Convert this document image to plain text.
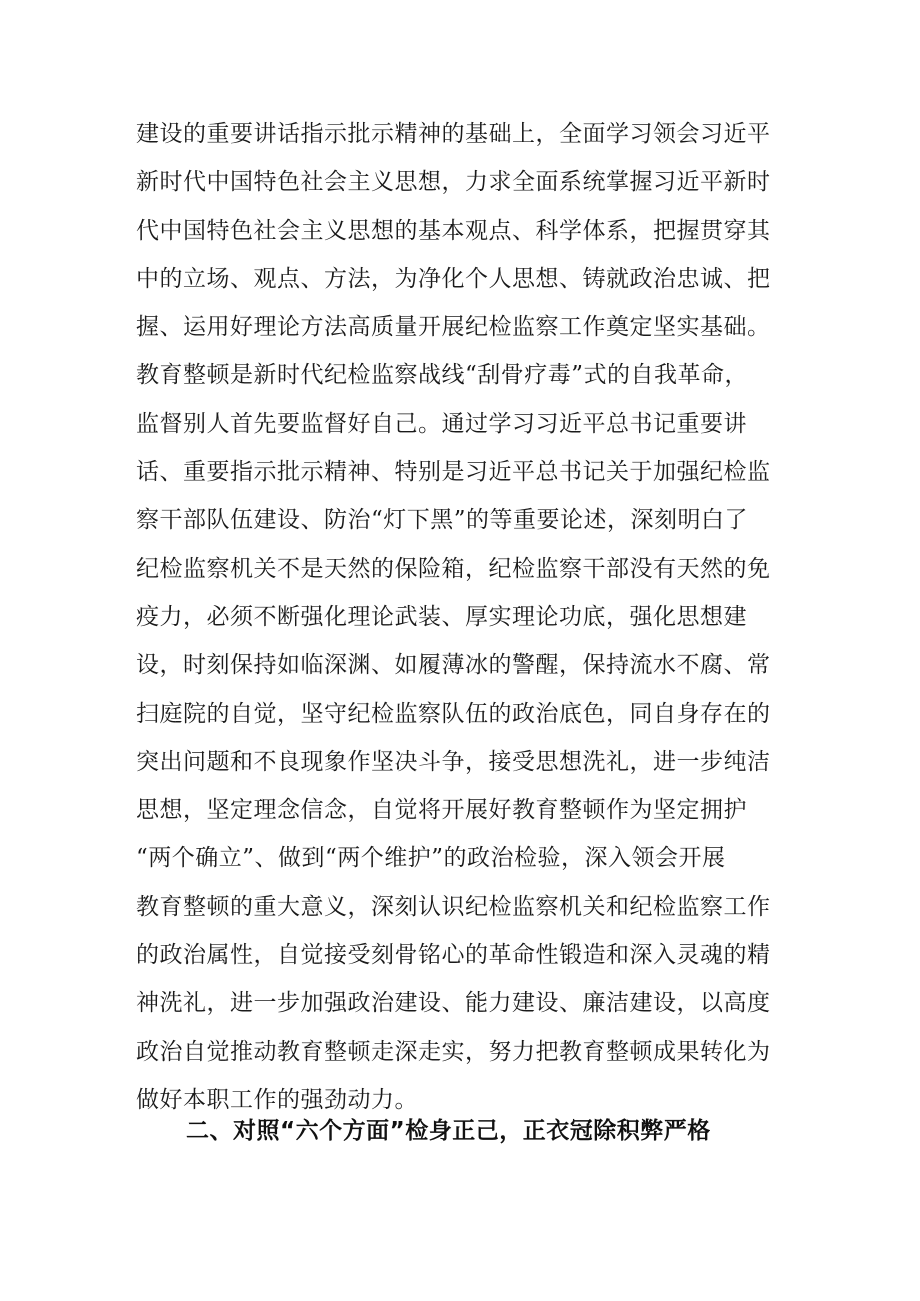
建设的重要讲话指示批示精神的基础上，全面学习领会习近平
新时代中国特色社会主义思想，力求全面系统掌握习近平新时
代中国特色社会主义思想的基本观点、科学体系，把握贯穿其
中的立场、观点、方法，为净化个人思想、铸就政治忠诚、把
握、运用好理论方法高质量开展纪检监察工作奠定坚实基础。
教育整顿是新时代纪检监察战线“刮骨疗毒”式的自我革命，
监督别人首先要监督好自己。通过学习习近平总书记重要讲
话、重要指示批示精神、特别是习近平总书记关于加强纪检监
察干部队伍建设、防治“灯下黑”的等重要论述，深刻明白了
纪检监察机关不是天然的保险箱，纪检监察干部没有天然的免
疫力，必须不断强化理论武装、厚实理论功底，强化思想建
设，时刻保持如临深渊、如履薄冰的警醒，保持流水不腐、常
扫庭院的自觉，坚守纪检监察队伍的政治底色，同自身存在的
突出问题和不良现象作坚决斗争，接受思想洗礼，进一步纯洁
思想，坚定理念信念，自觉将开展好教育整顿作为坚定拥护
“两个确立”、做到“两个维护”的政治检验，深入领会开展
教育整顿的重大意义，深刻认识纪检监察机关和纪检监察工作
的政治属性，自觉接受刻骨铭心的革命性锻造和深入灵魂的精
神洗礼，进一步加强政治建设、能力建设、廉洁建设，以高度
政治自觉推动教育整顿走深走实，努力把教育整顿成果转化为
做好本职工作的强劲动力。
二、对照“六个方面”检身正己，正衣冠除积弊严格
